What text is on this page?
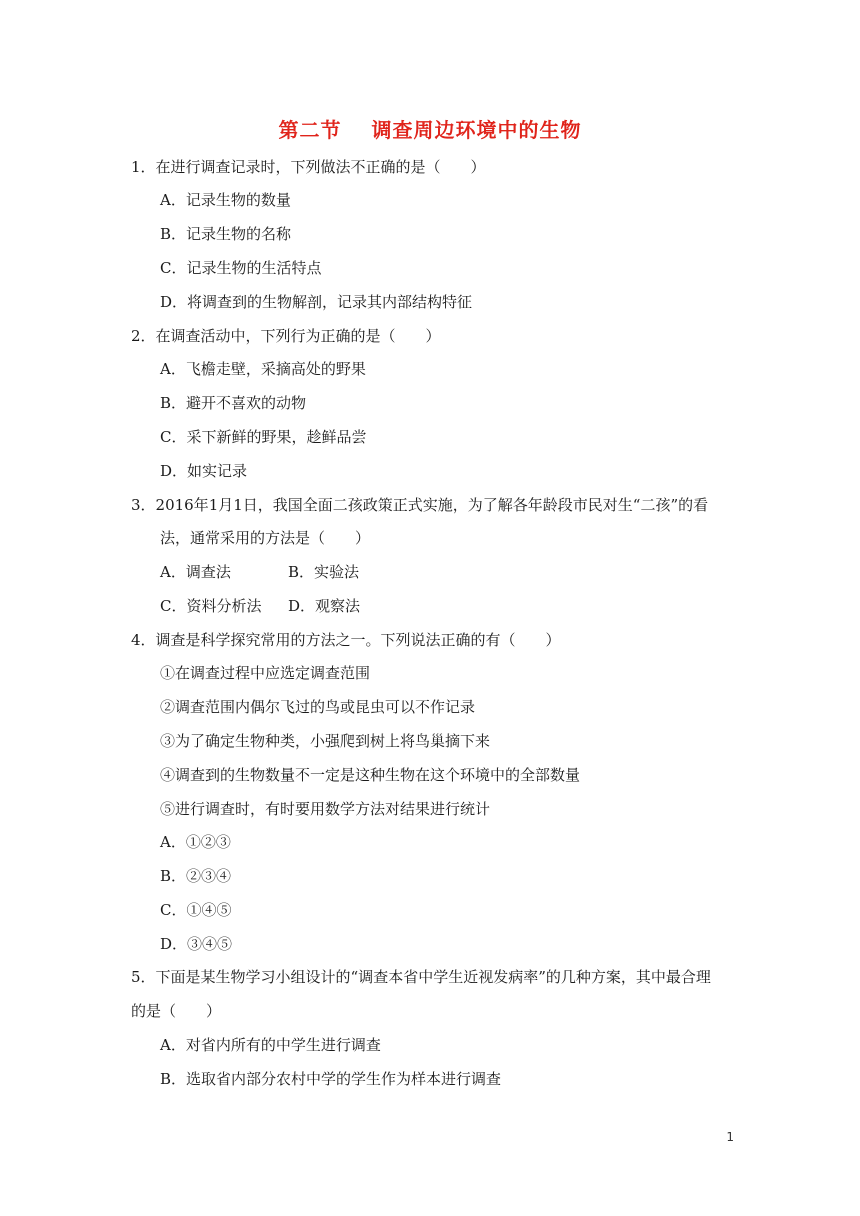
第二节 调查周边环境中的生物
1．在进行调查记录时，下列做法不正确的是（　　）
A．记录生物的数量
B．记录生物的名称
C．记录生物的生活特点
D．将调查到的生物解剖，记录其内部结构特征
2．在调查活动中，下列行为正确的是（　　）
A．飞檐走壁，采摘高处的野果
B．避开不喜欢的动物
C．采下新鲜的野果，趁鲜品尝
D．如实记录
3．2016年1月1日，我国全面二孩政策正式实施，为了解各年龄段市民对生“二孩”的看
法，通常采用的方法是（　　）
A．调查法	B．实验法
C．资料分析法 D．观察法
4．调查是科学探究常用的方法之一。下列说法正确的有（　　）
①在调查过程中应选定调查范围
②调查范围内偶尔飞过的鸟或昆虫可以不作记录
③为了确定生物种类，小强爬到树上将鸟巢摘下来
④调查到的生物数量不一定是这种生物在这个环境中的全部数量
⑤进行调查时，有时要用数学方法对结果进行统计
A．①②③
B．②③④
C．①④⑤
D．③④⑤
5．下面是某生物学习小组设计的“调查本省中学生近视发病率”的几种方案，其中最合理
的是（　　）
A．对省内所有的中学生进行调查
B．选取省内部分农村中学的学生作为样本进行调查
1
